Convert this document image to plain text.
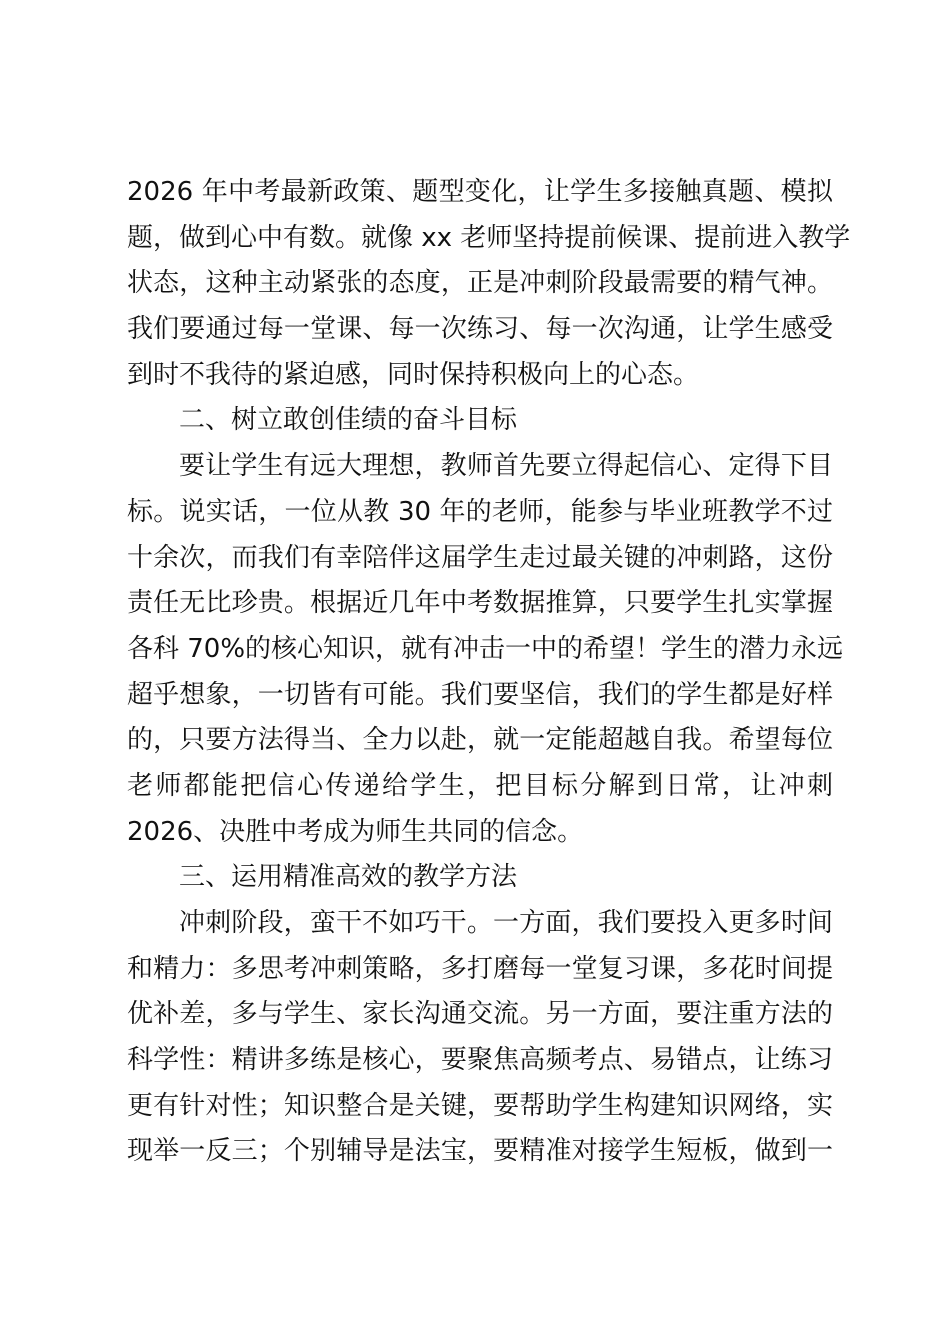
2026 年中考最新政策、题型变化，让学生多接触真题、模拟
题，做到心中有数。就像 xx 老师坚持提前候课、提前进入教学
状态，这种主动紧张的态度，正是冲刺阶段最需要的精气神。
我们要通过每一堂课、每一次练习、每一次沟通，让学生感受
到时不我待的紧迫感，同时保持积极向上的心态。
二、树立敢创佳绩的奋斗目标
要让学生有远大理想，教师首先要立得起信心、定得下目
标。说实话，一位从教 30 年的老师，能参与毕业班教学不过
十余次，而我们有幸陪伴这届学生走过最关键的冲刺路，这份
责任无比珍贵。根据近几年中考数据推算，只要学生扎实掌握
各科 70%的核心知识，就有冲击一中的希望！学生的潜力永远
超乎想象，一切皆有可能。我们要坚信，我们的学生都是好样
的，只要方法得当、全力以赴，就一定能超越自我。希望每位
老师都能把信心传递给学生，把目标分解到日常，让冲刺
2026、决胜中考成为师生共同的信念。
三、运用精准高效的教学方法
冲刺阶段，蛮干不如巧干。一方面，我们要投入更多时间
和精力：多思考冲刺策略，多打磨每一堂复习课，多花时间提
优补差，多与学生、家长沟通交流。另一方面，要注重方法的
科学性：精讲多练是核心，要聚焦高频考点、易错点，让练习
更有针对性；知识整合是关键，要帮助学生构建知识网络，实
现举一反三；个别辅导是法宝，要精准对接学生短板，做到一
